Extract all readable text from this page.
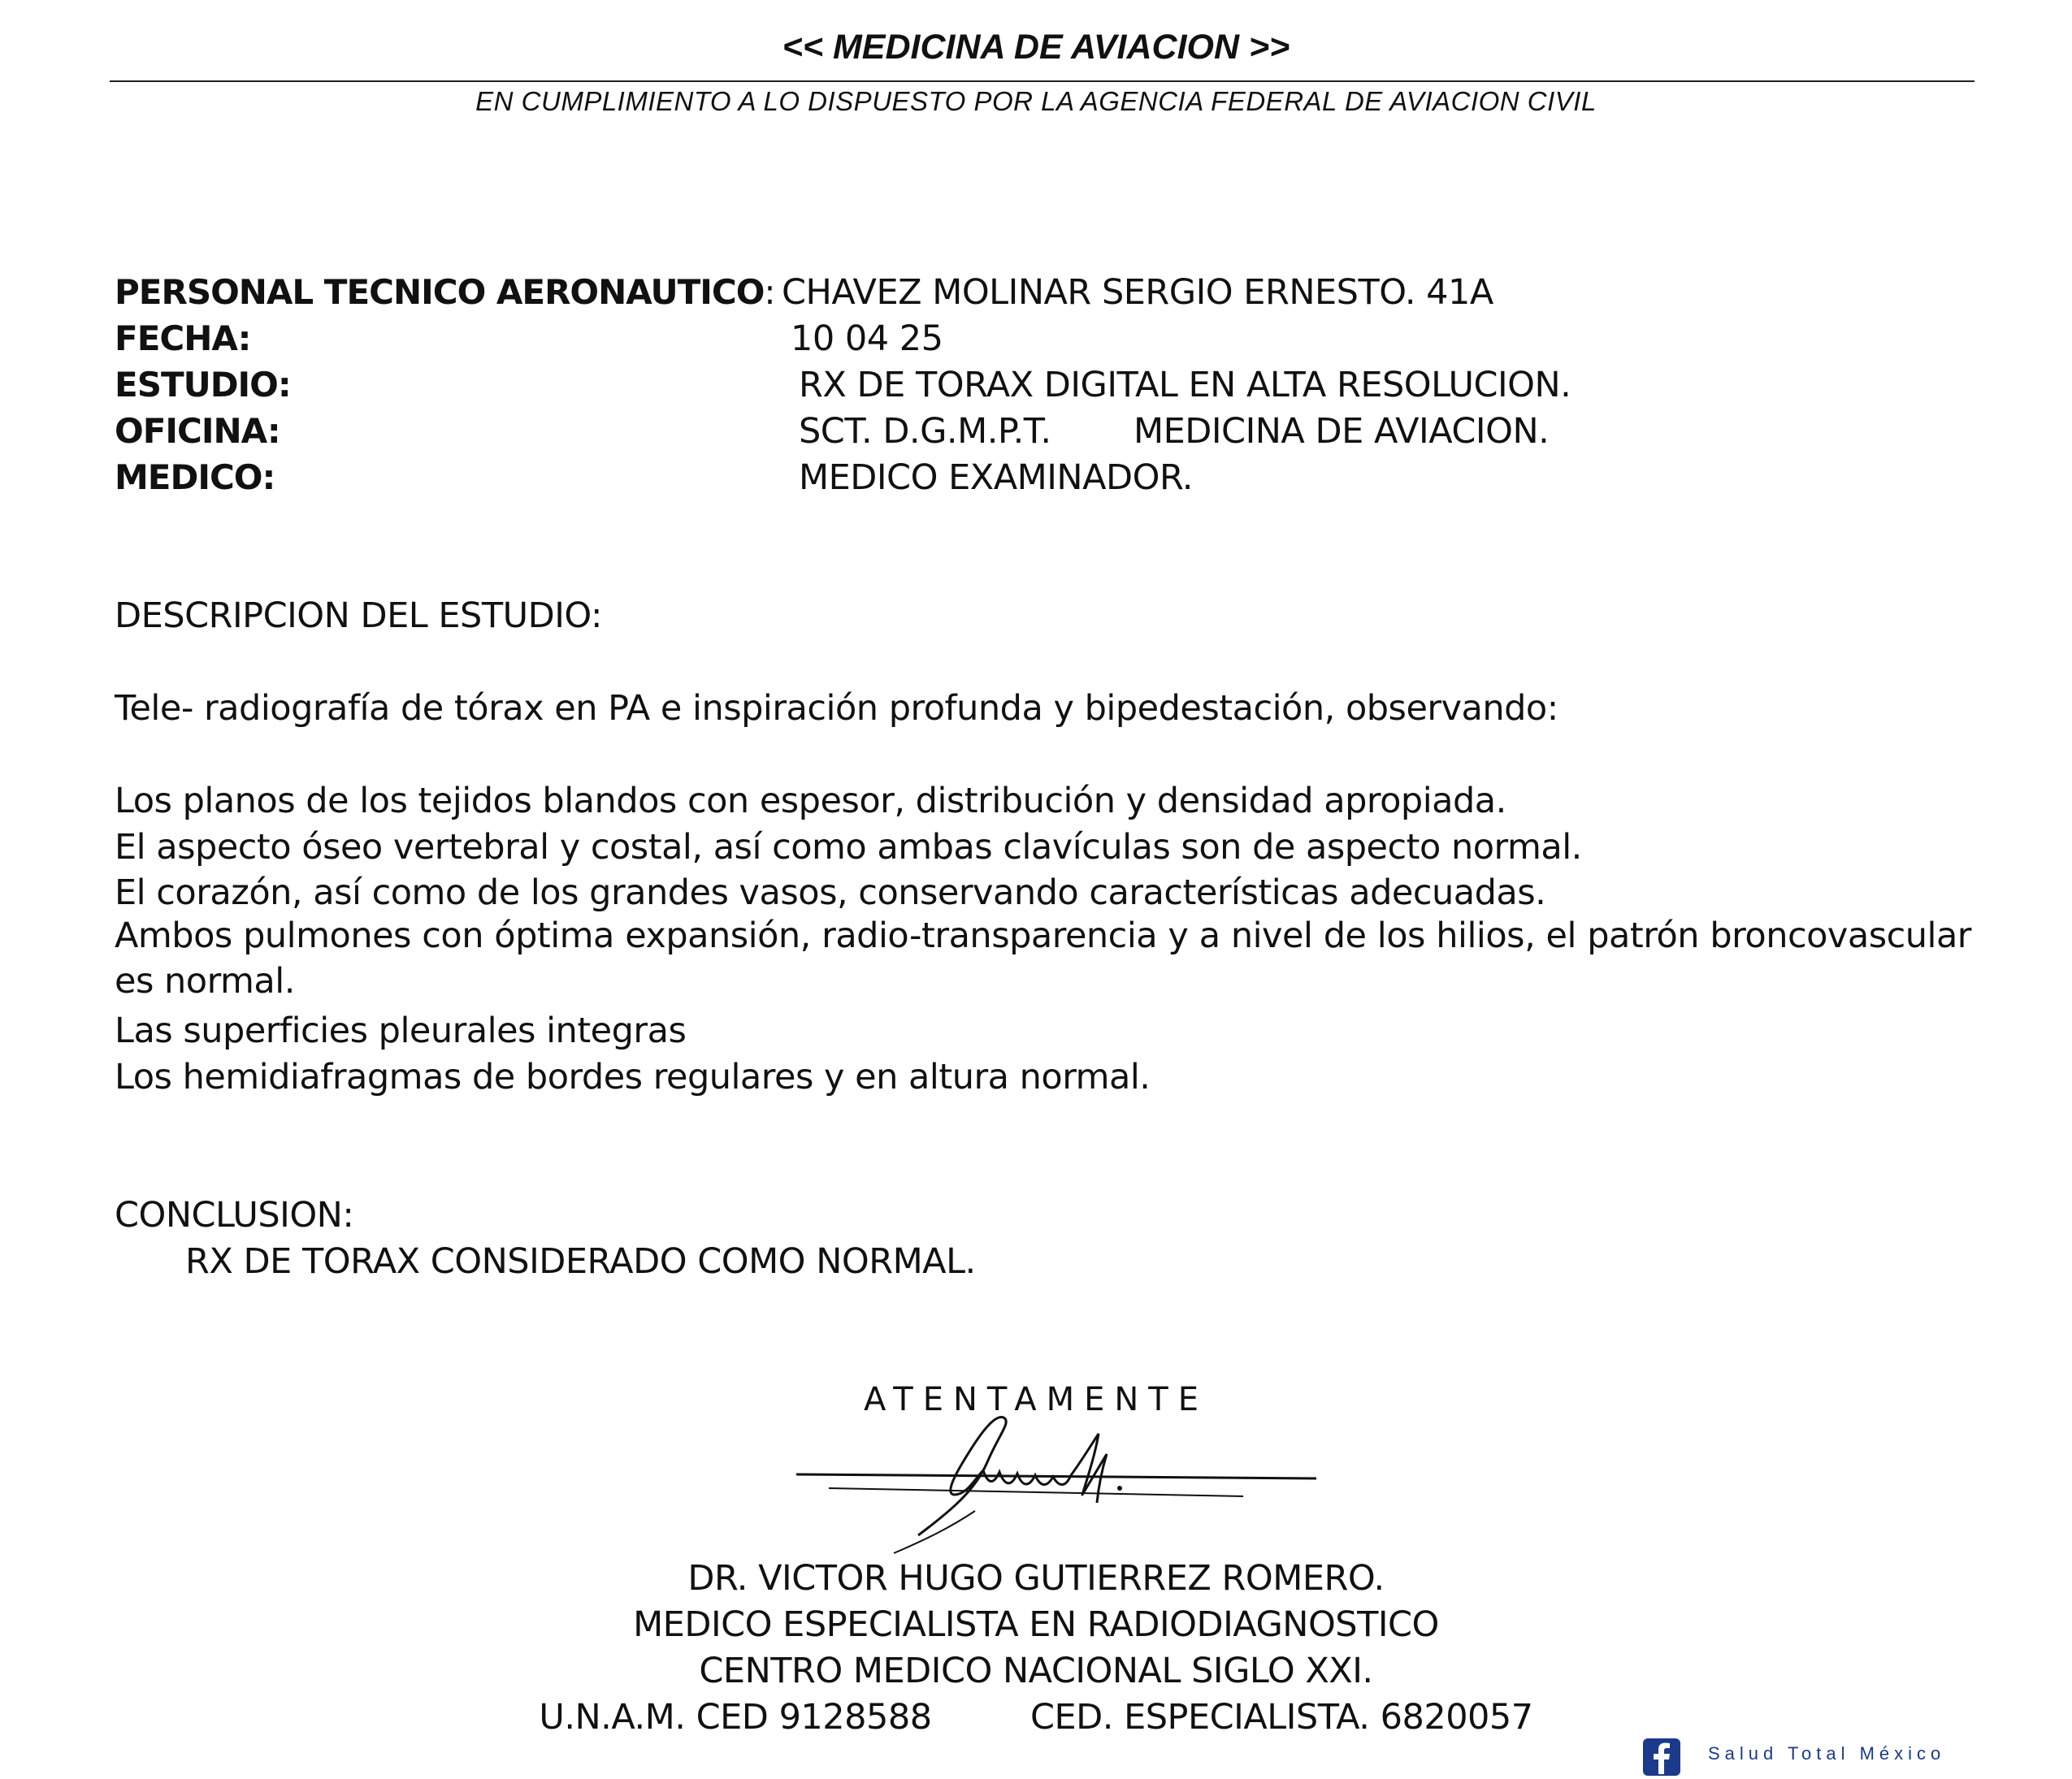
<< MEDICINA DE AVIACION >>
EN CUMPLIMIENTO A LO DISPUESTO POR LA AGENCIA FEDERAL DE AVIACION CIVIL
PERSONAL TECNICO AERONAUTICO: CHAVEZ MOLINAR SERGIO ERNESTO. 41A
FECHA:	10 04 25
ESTUDIO:	RX DE TORAX DIGITAL EN ALTA RESOLUCION.
OFICINA:	SCT. D.G.M.P.T. MEDICINA DE AVIACION.
MEDICO:	MEDICO EXAMINADOR.
DESCRIPCION DEL ESTUDIO:
Tele- radiografía de tórax en PA e inspiración profunda y bipedestación, observando:
Los planos de los tejidos blandos con espesor, distribución y densidad apropiada.
El aspecto óseo vertebral y costal, así como ambas clavículas son de aspecto normal.
El corazón, así como de los grandes vasos, conservando características adecuadas.
Ambos pulmones con óptima expansión, radio-transparencia y a nivel de los hilios, el patrón broncovascular es normal.
Las superficies pleurales integras
Los hemidiafragmas de bordes regulares y en altura normal.
CONCLUSION:
RX DE TORAX CONSIDERADO COMO NORMAL.
ATENTAMENTE
DR. VICTOR HUGO GUTIERREZ ROMERO.
MEDICO ESPECIALISTA EN RADIODIAGNOSTICO
CENTRO MEDICO NACIONAL SIGLO XXI.
U.N.A.M. CED 9128588	CED. ESPECIALISTA. 6820057
Salud Total México
